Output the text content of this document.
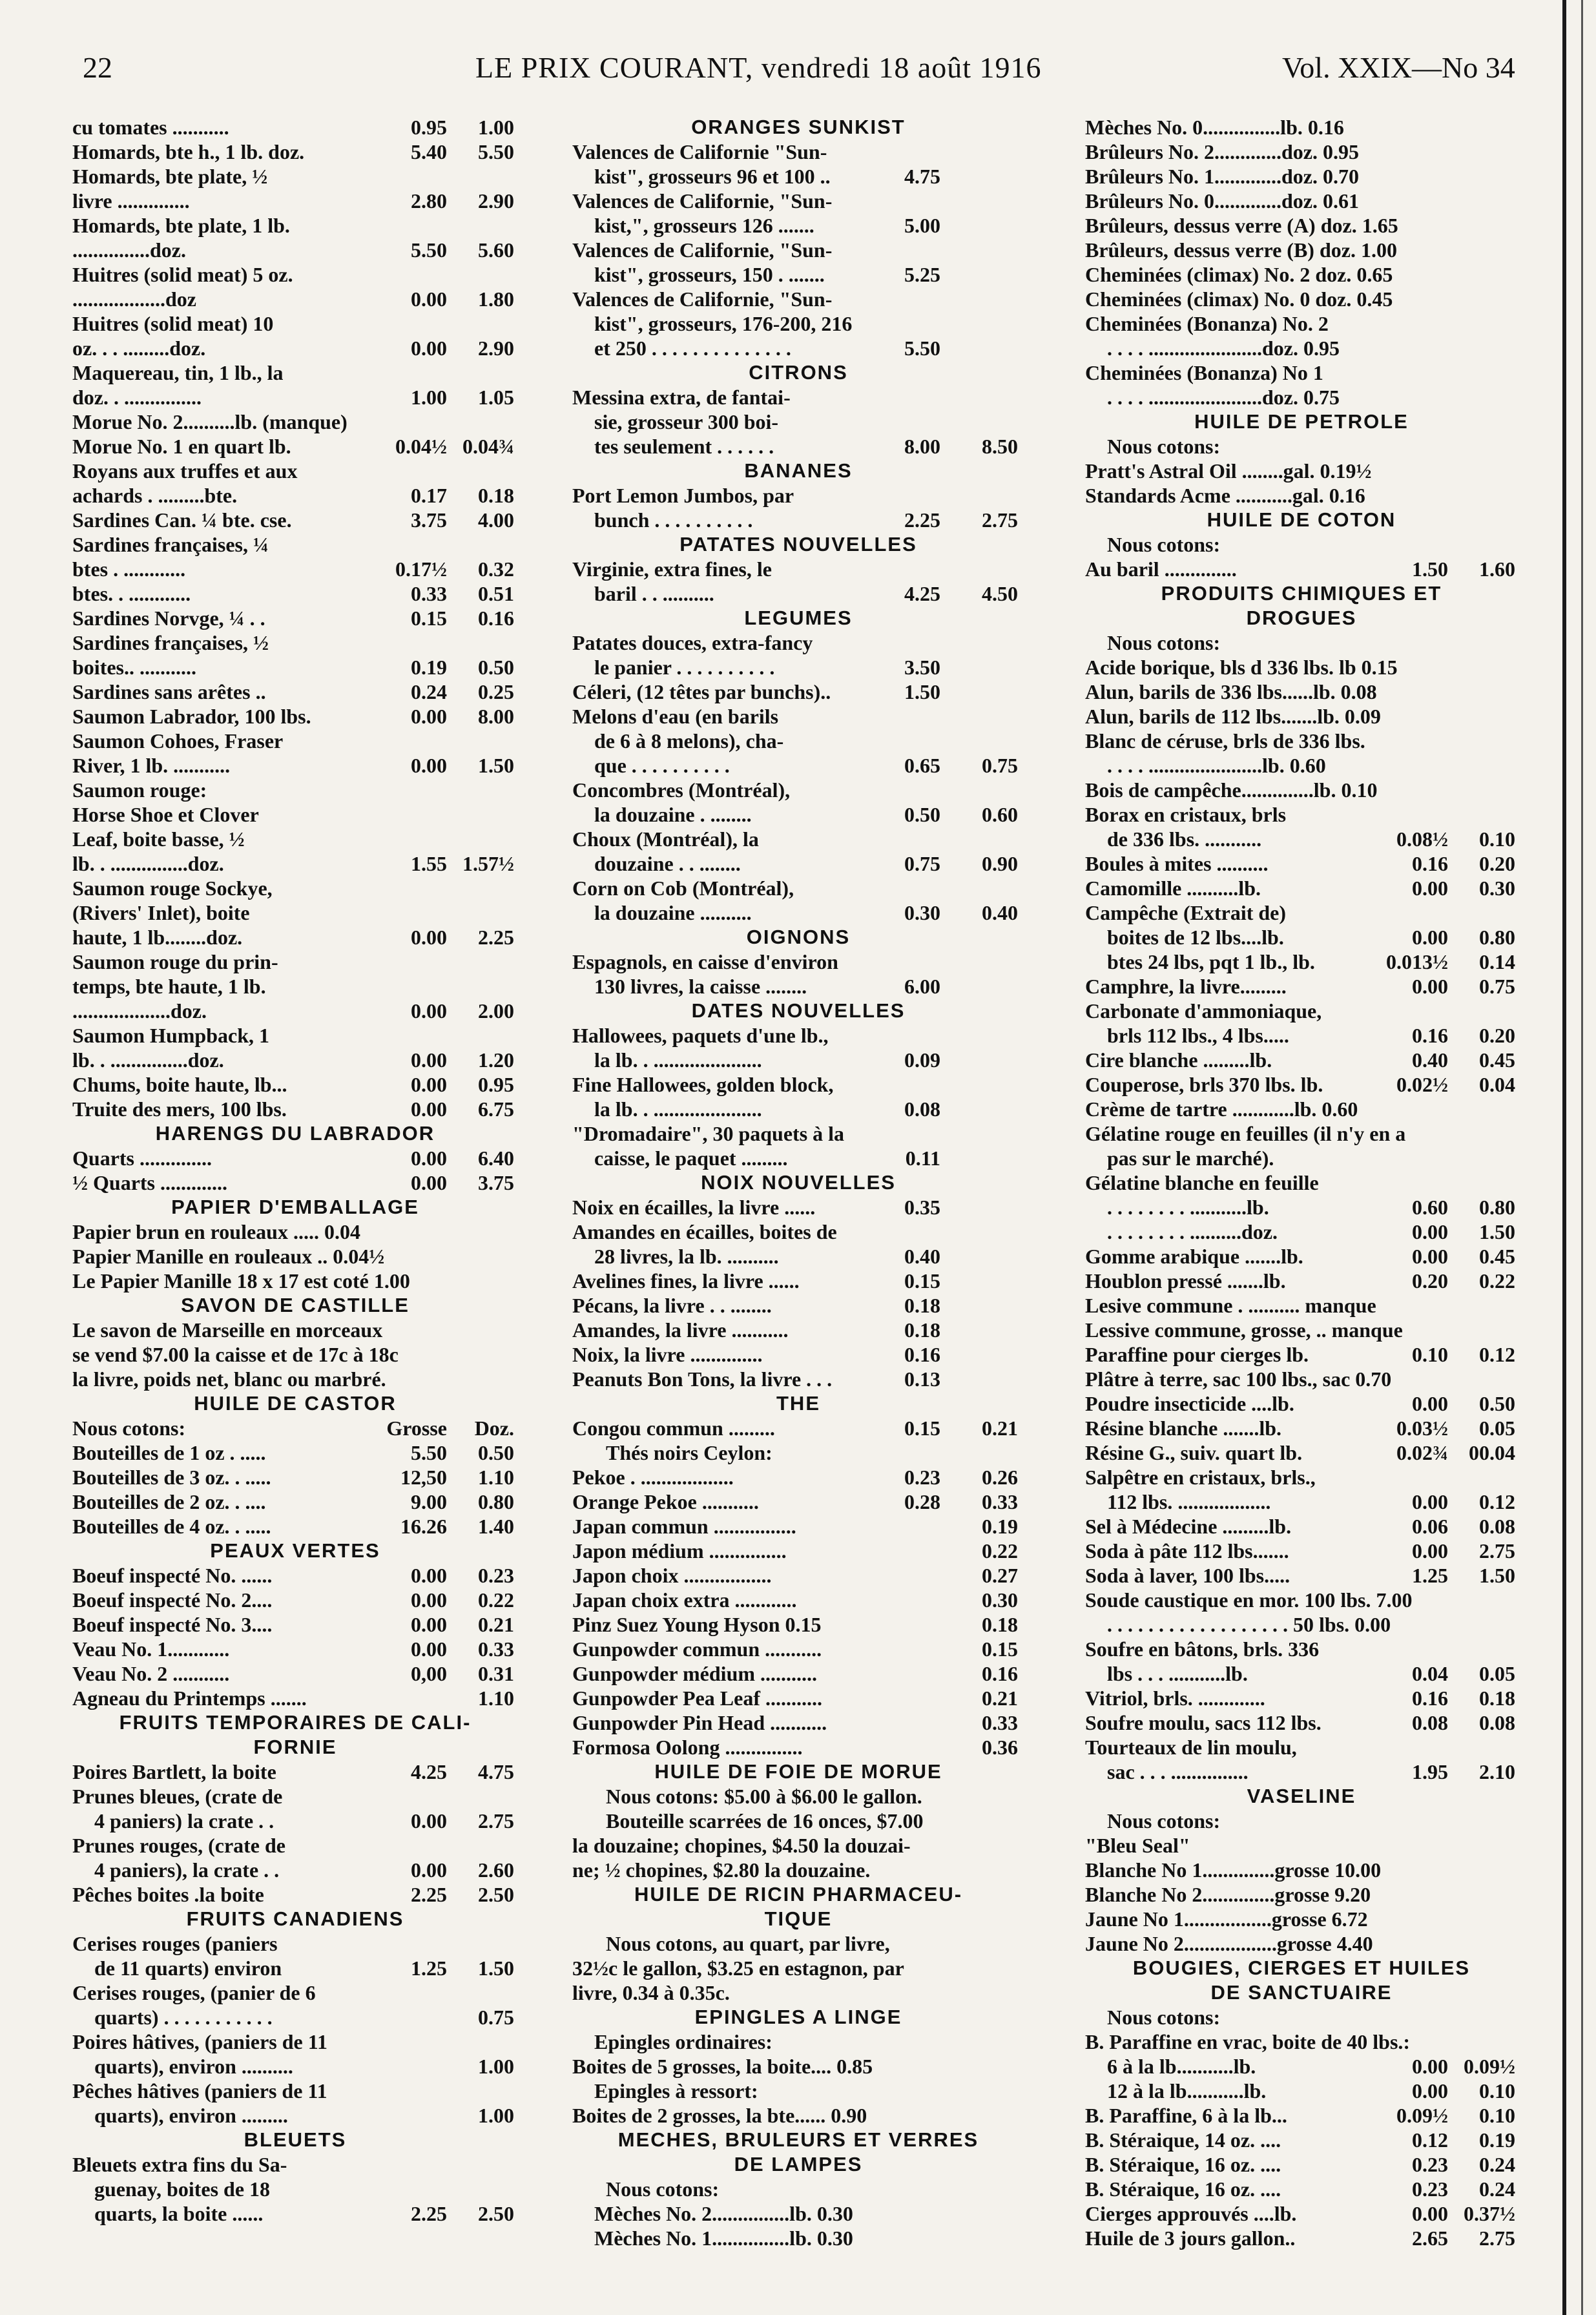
22	LE PRIX COURANT, vendredi 18 août 1916	Vol. XXIX—No 34
cu tomates ...........	0.95	1.00
Homards, bte h., 1 lb. doz.	5.40	5.50
Homards, bte plate, ½
livre ..............	2.80	2.90
Homards, bte plate, 1 lb.
...............doz.	5.50	5.60
Huitres (solid meat) 5 oz.
..................doz	0.00	1.80
Huitres (solid meat) 10
oz. . . .........doz.	0.00	2.90
Maquereau, tin, 1 lb., la
doz. . ...............	1.00	1.05
Morue No. 2..........lb. (manque)
Morue No. 1 en quart lb.	0.04½ 0.04¾
Royans aux truffes et aux
achards . .........bte.	0.17	0.18
Sardines Can. ¼ bte. cse.	3.75	4.00
Sardines françaises, ¼
btes . ............	0.17½	0.32
btes. . ............	0.33	0.51
Sardines Norvge, ¼ . .	0.15	0.16
Sardines françaises, ½
boites.. ...........	0.19	0.50
Sardines sans arêtes ..	0.24	0.25
Saumon Labrador, 100 lbs.	0.00	8.00
Saumon Cohoes, Fraser
River, 1 lb. ...........	0.00	1.50
Saumon rouge:
Horse Shoe et Clover
Leaf, boite basse, ½
lb. . ...............doz.	1.55 1.57½
Saumon rouge Sockye,
(Rivers' Inlet), boite
haute, 1 lb........doz.	0.00	2.25
Saumon rouge du prin-
temps, bte haute, 1 lb.
...................doz.	0.00	2.00
Saumon Humpback, 1
lb. . ...............doz.	0.00	1.20
Chums, boite haute, lb...	0.00	0.95
Truite des mers, 100 lbs.	0.00	6.75
HARENGS DU LABRADOR
Quarts ..............	0.00	6.40
½ Quarts .............	0.00	3.75
PAPIER D'EMBALLAGE
Papier brun en rouleaux ..... 0.04
Papier Manille en rouleaux .. 0.04½
Le Papier Manille 18 x 17 est coté 1.00
SAVON DE CASTILLE
Le savon de Marseille en morceaux
se vend $7.00 la caisse et de 17c à 18c
la livre, poids net, blanc ou marbré.
HUILE DE CASTOR
Nous cotons:	Grosse	Doz.
Bouteilles de 1 oz . .....	5.50	0.50
Bouteilles de 3 oz. . .....	12,50	1.10
Bouteilles de 2 oz. . ....	9.00	0.80
Bouteilles de 4 oz. . .....	16.26	1.40
PEAUX VERTES
Boeuf inspecté No. ......	0.00	0.23
Boeuf inspecté No. 2....	0.00	0.22
Boeuf inspecté No. 3....	0.00	0.21
Veau No. 1............	0.00	0.33
Veau No. 2 ...........	0,00	0.31
Agneau du Printemps .......	1.10
FRUITS TEMPORAIRES DE CALI-
FORNIE
Poires Bartlett, la boite	4.25	4.75
Prunes bleues, (crate de
4 paniers) la crate . .	0.00	2.75
Prunes rouges, (crate de
4 paniers), la crate . .	0.00	2.60
Pêches boites .la boite	2.25	2.50
FRUITS CANADIENS
Cerises rouges (paniers
de 11 quarts) environ	1.25	1.50
Cerises rouges, (panier de 6
quarts) . . . . . . . . . . .	0.75
Poires hâtives, (paniers de 11
quarts), environ ..........	1.00
Pêches hâtives (paniers de 11
quarts), environ .........	1.00
BLEUETS
Bleuets extra fins du Sa-
guenay, boites de 18
quarts, la boite ......	2.25	2.50
ORANGES SUNKIST
Valences de Californie "Sun-
kist", grosseurs 96 et 100 ..	4.75
Valences de Californie, "Sun-
kist,", grosseurs 126 .......	5.00
Valences de Californie, "Sun-
kist", grosseurs, 150 . .......	5.25
Valences de Californie, "Sun-
kist", grosseurs, 176-200, 216
et 250 . . . . . . . . . . . . . .	5.50
CITRONS
Messina extra, de fantai-
sie, grosseur 300 boi-
tes seulement . . . . . .	8.00	8.50
BANANES
Port Lemon Jumbos, par
bunch . . . . . . . . . .	2.25	2.75
PATATES NOUVELLES
Virginie, extra fines, le
baril . . ..........	4.25	4.50
LEGUMES
Patates douces, extra-fancy
le panier . . . . . . . . . .	3.50
Céleri, (12 têtes par bunchs)..	1.50
Melons d'eau (en barils
de 6 à 8 melons), cha-
que . . . . . . . . . .	0.65	0.75
Concombres (Montréal),
la douzaine . ........	0.50	0.60
Choux (Montréal), la
douzaine . . ........	0.75	0.90
Corn on Cob (Montréal),
la douzaine ..........	0.30	0.40
OIGNONS
Espagnols, en caisse d'environ
130 livres, la caisse ........	6.00
DATES NOUVELLES
Hallowees, paquets d'une lb.,
la lb. . .....................	0.09
Fine Hallowees, golden block,
la lb. . .....................	0.08
"Dromadaire", 30 paquets à la
caisse, le paquet .........	0.11
NOIX NOUVELLES
Noix en écailles, la livre ......	0.35
Amandes en écailles, boites de
28 livres, la lb. ..........	0.40
Avelines fines, la livre ......	0.15
Pécans, la livre . . ........	0.18
Amandes, la livre ...........	0.18
Noix, la livre ..............	0.16
Peanuts Bon Tons, la livre . . .	0.13
THE
Congou commun .........	0.15	0.21
Thés noirs Ceylon:
Pekoe . ..................	0.23	0.26
Orange Pekoe ...........	0.28	0.33
Japan commun ................	0.19
Japon médium ...............	0.22
Japon choix .................	0.27
Japan choix extra ............	0.30
Pinz Suez Young Hyson 0.15	0.18
Gunpowder commun ...........	0.15
Gunpowder médium ...........	0.16
Gunpowder Pea Leaf ...........	0.21
Gunpowder Pin Head ...........	0.33
Formosa Oolong ...............	0.36
HUILE DE FOIE DE MORUE
Nous cotons: $5.00 à $6.00 le gallon.
Bouteille scarrées de 16 onces, $7.00
la douzaine; chopines, $4.50 la douzai-
ne; ½ chopines, $2.80 la douzaine.
HUILE DE RICIN PHARMACEU-
TIQUE
Nous cotons, au quart, par livre,
32½c le gallon, $3.25 en estagnon, par
livre, 0.34 à 0.35c.
EPINGLES A LINGE
Epingles ordinaires:
Boites de 5 grosses, la boite.... 0.85
Epingles à ressort:
Boites de 2 grosses, la bte...... 0.90
MECHES, BRULEURS ET VERRES
DE LAMPES
Nous cotons:
Mèches No. 2...............lb. 0.30
Mèches No. 1...............lb. 0.30
Mèches No. 0...............lb. 0.16
Brûleurs No. 2.............doz. 0.95
Brûleurs No. 1.............doz. 0.70
Brûleurs No. 0.............doz. 0.61
Brûleurs, dessus verre (A) doz. 1.65
Brûleurs, dessus verre (B) doz. 1.00
Cheminées (climax) No. 2 doz. 0.65
Cheminées (climax) No. 0 doz. 0.45
Cheminées (Bonanza) No. 2
. . . . ......................doz. 0.95
Cheminées (Bonanza) No 1
. . . . ......................doz. 0.75
HUILE DE PETROLE
Nous cotons:
Pratt's Astral Oil ........gal. 0.19½
Standards Acme ...........gal. 0.16
HUILE DE COTON
Nous cotons:
Au baril ..............	1.50	1.60
PRODUITS CHIMIQUES ET
DROGUES
Nous cotons:
Acide borique, bls d 336 lbs. lb 0.15
Alun, barils de 336 lbs......lb. 0.08
Alun, barils de 112 lbs.......lb. 0.09
Blanc de céruse, brls de 336 lbs.
. . . . ......................lb. 0.60
Bois de campêche..............lb. 0.10
Borax en cristaux, brls
de 336 lbs. ...........	0.08½	0.10
Boules à mites ..........	0.16	0.20
Camomille ..........lb.	0.00	0.30
Campêche (Extrait de)
boites de 12 lbs....lb.	0.00	0.80
btes 24 lbs, pqt 1 lb., lb.	0.013½	0.14
Camphre, la livre.........	0.00	0.75
Carbonate d'ammoniaque,
brls 112 lbs., 4 lbs.....	0.16	0.20
Cire blanche .........lb.	0.40	0.45
Couperose, brls 370 lbs. lb.	0.02½	0.04
Crème de tartre ............lb. 0.60
Gélatine rouge en feuilles (il n'y en a
pas sur le marché).
Gélatine blanche en feuille
. . . . . . . . ...........lb.	0.60	0.80
. . . . . . . . ..........doz.	0.00	1.50
Gomme arabique .......lb.	0.00	0.45
Houblon pressé .......lb.	0.20	0.22
Lesive commune . .......... manque
Lessive commune, grosse, .. manque
Paraffine pour cierges lb.	0.10	0.12
Plâtre à terre, sac 100 lbs., sac 0.70
Poudre insecticide ....lb.	0.00	0.50
Résine blanche .......lb.	0.03½	0.05
Résine G., suiv. quart lb.	0.02¾	00.04
Salpêtre en cristaux, brls.,
112 lbs. ..................	0.00	0.12
Sel à Médecine .........lb.	0.06	0.08
Soda à pâte 112 lbs.......	0.00	2.75
Soda à laver, 100 lbs.....	1.25	1.50
Soude caustique en mor. 100 lbs. 7.00
. . . . . . . . . . . . . . . . . . 50 lbs. 0.00
Soufre en bâtons, brls. 336
lbs . . . ...........lb.	0.04	0.05
Vitriol, brls. .............	0.16	0.18
Soufre moulu, sacs 112 lbs.	0.08	0.08
Tourteaux de lin moulu,
sac . . . ...............	1.95	2.10
VASELINE
Nous cotons:
"Bleu Seal"
Blanche No 1..............grosse 10.00
Blanche No 2..............grosse 9.20
Jaune No 1.................grosse 6.72
Jaune No 2..................grosse 4.40
BOUGIES, CIERGES ET HUILES
DE SANCTUAIRE
Nous cotons:
B. Paraffine en vrac, boite de 40 lbs.:
6 à la lb...........lb.	0.00 0.09½
12 à la lb...........lb.	0.00	0.10
B. Paraffine, 6 à la lb...	0.09½	0.10
B. Stéraique, 14 oz. ....	0.12	0.19
B. Stéraique, 16 oz. ....	0.23	0.24
B. Stéraique, 16 oz. ....	0.23	0.24
Cierges approuvés ....lb.	0.00 0.37½
Huile de 3 jours gallon..	2.65	2.75
